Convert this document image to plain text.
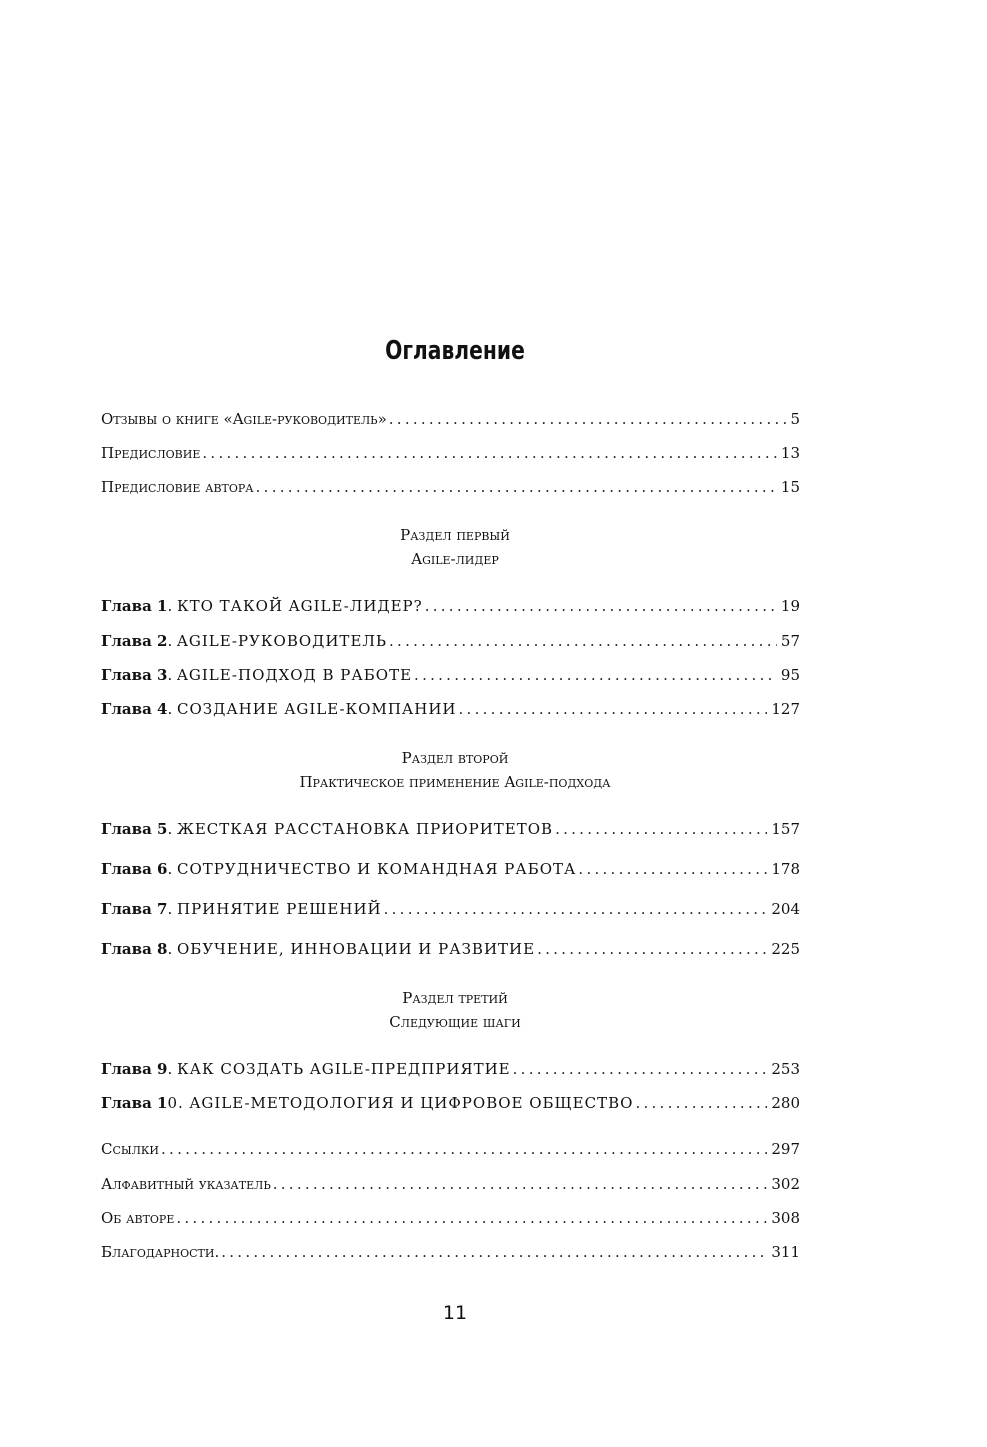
Оглавление
Отзывы о книге «Agile-руководитель» . . .	5
Предисловие . . .	13
Предисловие автора . . .	15
Глава 1. КТО ТАКОЙ AGILE-ЛИДЕР? . . .	19
Глава 2. AGILE-РУКОВОДИТЕЛЬ . . .	57
Глава 3. AGILE-ПОДХОД В РАБОТЕ . . .	95
Глава 4. СОЗДАНИЕ AGILE-КОМПАНИИ . . .	127
Глава 5. ЖЕСТКАЯ РАССТАНОВКА ПРИОРИТЕТОВ . . .	157
Глава 6. СОТРУДНИЧЕСТВО И КОМАНДНАЯ РАБОТА . . .	178
Глава 7. ПРИНЯТИЕ РЕШЕНИЙ . . .	204
Глава 8. ОБУЧЕНИЕ, ИННОВАЦИИ И РАЗВИТИЕ . . .	225
Глава 9. КАК СОЗДАТЬ AGILE-ПРЕДПРИЯТИЕ . . .	253
Глава 10. AGILE-МЕТОДОЛОГИЯ И ЦИФРОВОЕ ОБЩЕСТВО . . .	280
Ссылки . . .	297
Алфавитный указатель . . .	302
Об авторе . . .	308
Благодарности. . . .	311
Раздел первый
Agile-лидер
Раздел второй
Практическое применение Agile-подхода
Раздел третий
Следующие шаги
11
